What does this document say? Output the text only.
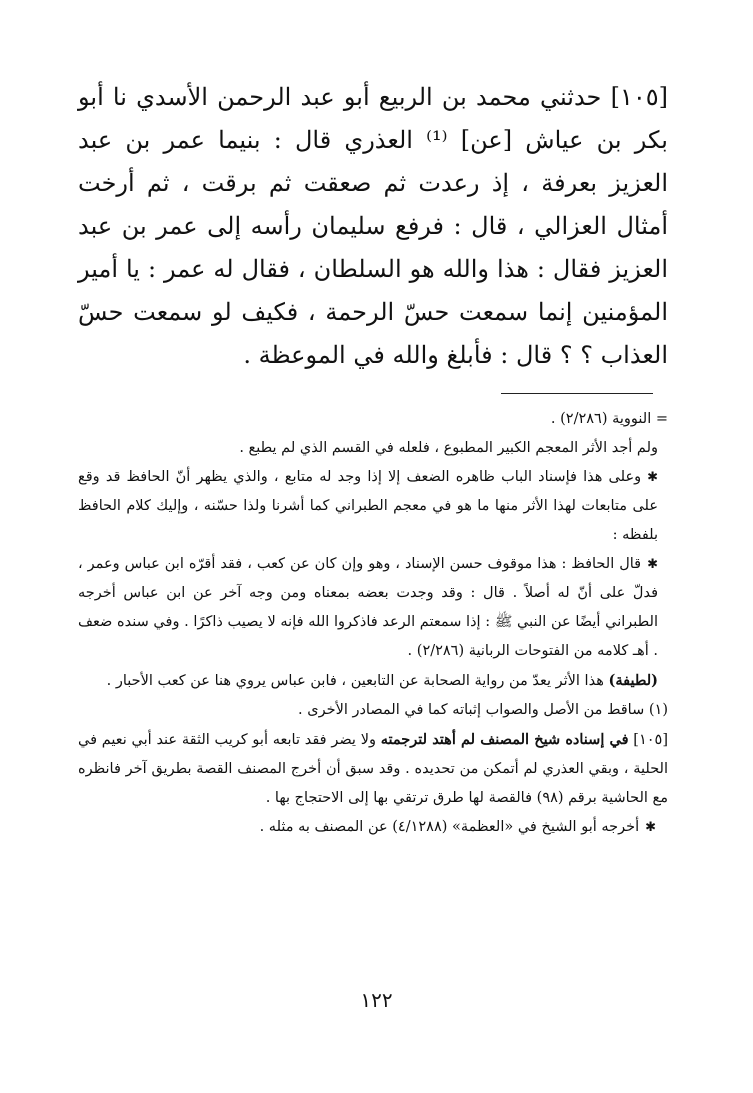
[١٠٥] حدثني محمد بن الربيع أبو عبد الرحمن الأسدي نا أبو بكر بن عياش [عن] ⁽¹⁾ العذري قال : بنيما عمر بن عبد العزيز بعرفة ، إذ رعدت ثم صعقت ثم برقت ، ثم أرخت أمثال العزالي ، قال : فرفع سليمان رأسه إلى عمر بن عبد العزيز فقال : هذا والله هو السلطان ، فقال له عمر : يا أمير المؤمنين إنما سمعت حسّ الرحمة ، فكيف لو سمعت حسّ العذاب ؟ ؟ قال : فأبلغ والله في الموعظة .

= النووية (٢/٢٨٦) .

ولم أجد الأثر المعجم الكبير المطبوع ، فلعله في القسم الذي لم يطبع .

✱وعلى هذا فإسناد الباب ظاهره الضعف إلا إذا وجد له متابع ، والذي يظهر أنّ الحافظ قد وقع على متابعات لهذا الأثر منها ما هو في معجم الطبراني كما أشرنا ولذا حسّنه ، وإليك كلام الحافظ بلفظه :

✱قال الحافظ : هذا موقوف حسن الإسناد ، وهو وإن كان عن كعب ، فقد أقرّه ابن عباس وعمر ، فدلّ على أنّ له أصلاً . قال : وقد وجدت بعضه بمعناه ومن وجه آخر عن ابن عباس أخرجه الطبراني أيضًا عن النبي ﷺ : إذا سمعتم الرعد فاذكروا الله فإنه لا يصيب ذاكرًا . وفي سنده ضعف . أهـ كلامه من الفتوحات الربانية (٢/٢٨٦) .

(لطيفة) هذا الأثر يعدّ من رواية الصحابة عن التابعين ، فابن عباس يروي هنا عن كعب الأحبار .

(١) ساقط من الأصل والصواب إثباته كما في المصادر الأخرى .

[١٠٥] في إسناده شيخ المصنف لم أهتد لترجمته ولا يضر فقد تابعه أبو كريب الثقة عند أبي نعيم في الحلية ، وبقي العذري لم أتمكن من تحديده . وقد سبق أن أخرج المصنف القصة بطريق آخر فانظره مع الحاشية برقم (٩٨) فالقصة لها طرق ترتقي بها إلى الاحتجاج بها .

✱أخرجه أبو الشيخ في «العظمة» (٤/١٢٨٨) عن المصنف به مثله .

١٢٢
